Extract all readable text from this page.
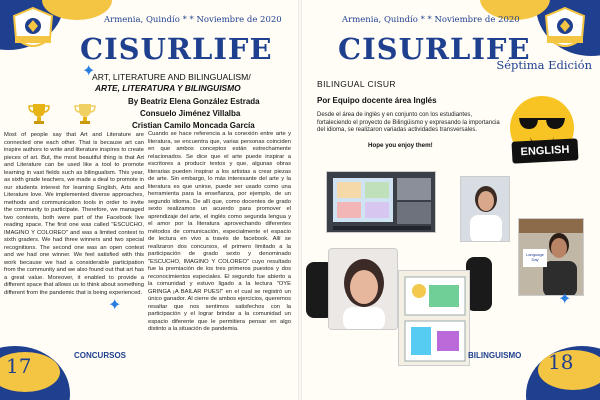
Armenia, Quindío * * Noviembre de 2020
CISURLIFE
✦
ART, LITERATURE AND BILINGUALISM/
ARTE, LITERATURA Y BILINGUISMO
By Beatriz Elena González Estrada
Consuelo Jiménez Villalba
Cristian Camilo Moncada García
Most of people say that Art and Literature are connected one each other. That is because art can inspire authors to write and literature inspires to create pieces of art. But, the most beautiful thing is that Art and Literature can be used like a tool to promote learning in vast fields such as bilingualism. This year, as sixth grade teachers, we made a deal to promote in our students interest for learning English, Arts and Literature love. We implemented diverse approaches, methods and communication tools in order to invite the community to participate. Therefore, we managed two contests, both were part of the Facebook live reading space. The first one was called "ESCUCHO, IMAGINO Y COLOREO" and was a limited contest to sixth graders. We had three winners and two special recognitions. The second one was an open contest and we had one winner. We feel satisfied with this work because we had a considerable participation from the community and we also found out that art has a great value. Moreover, it enabled to provide a different space that allows us to think about something different from the pandemic that is being experienced.
Cuando se hace referencia a la conexión entre arte y literatura, se encuentra que, varias personas coinciden en que ambos conceptos están estrechamente relacionados. Se dice que el arte puede inspirar a escritores a producir textos y que, algunas obras literarias pueden inspirar a los artistas a crear piezas de arte. Sin embargo, lo más interesante del arte y la literatura es que unirse, puede ser usado como una herramienta para la enseñanza, por ejemplo, de un segundo idioma. De allí que, como docentes de grado sexto realizamos un acuerdo para promover el aprendizaje del arte, el inglés como segunda lengua y el amor por la literatura aprovechando diferentes métodos de comunicación, especialmente el espacio de lectura en vivo a través de facebook. Allí se realizaron dos concursos, el primero limitado a la participación de grado sexto y denominado "ESCUCHO, IMAGINO Y COLOREO" cuyo resultado fue la premiación de los tres primeros puestos y dos reconocimientos especiales. El segundo fue abierto a la comunidad y estuvo ligado a la lectura "OYE GRINGA ¡A BAILAR PUES!" en el cual se registró un único ganador. Al cierre de ambos ejercicios, queremos resaltar que nos sentimos satisfechos con la participación y el lograr brindar a la comunidad un espacio diferente que le permitiera pensar en algo distinto a la situación de pandemia.
CONCURSOS
17
✦
Armenia, Quindío * * Noviembre de 2020
CISURLIFE
Séptima Edición
BILINGUAL CISUR
Por Equipo docente área Inglés
Desde el área de inglés y en conjunto con los estudiantes, fortaleciendo el proyecto de Bilingüismo y expresando la importancia del idioma, se realizaron variadas actividades transversales.
Hope you enjoy them!	ENGLISH
Language Day
✦
BILINGUISMO 18
